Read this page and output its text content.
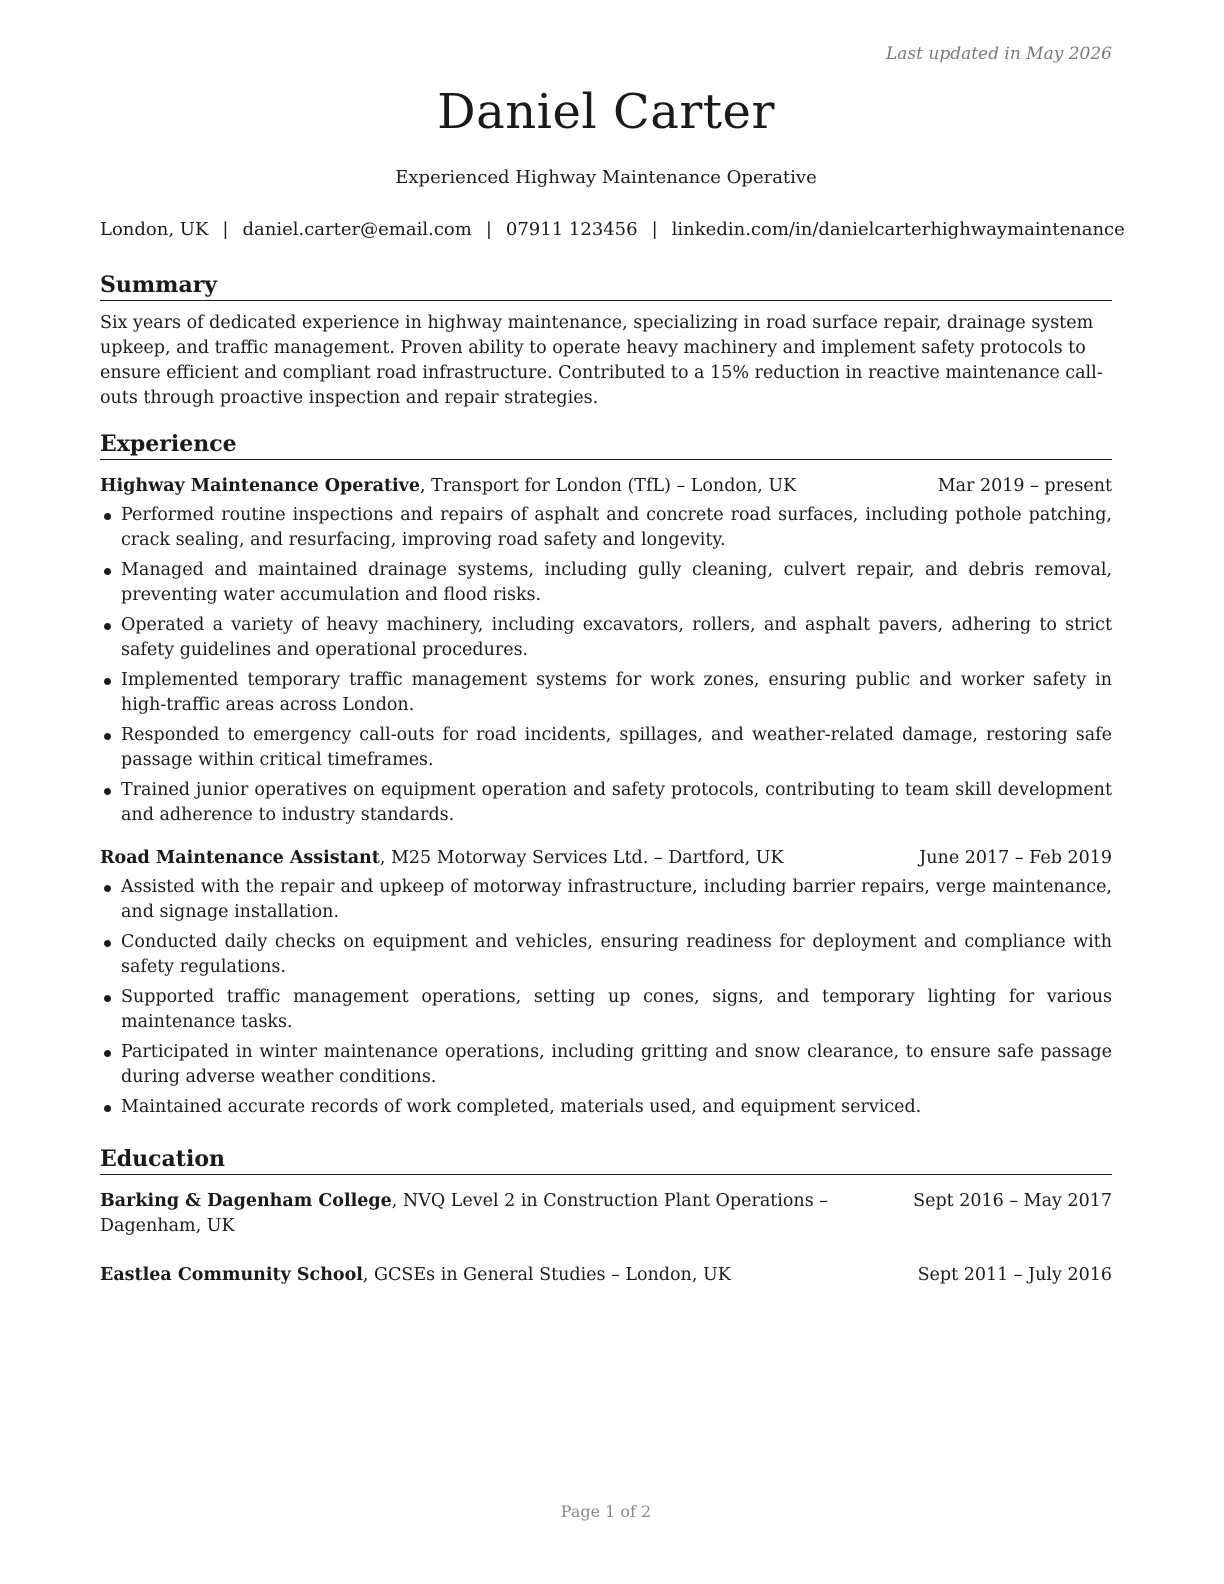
Last updated in May 2026
Daniel Carter
Experienced Highway Maintenance Operative
London, UK | daniel.carter@email.com | 07911 123456 | linkedin.com/in/danielcarterhighwaymaintenance
Summary

Six years of dedicated experience in highway maintenance, specializing in road surface repair, drainage system upkeep, and traffic management. Proven ability to operate heavy machinery and implement safety protocols to ensure efficient and compliant road infrastructure. Contributed to a 15% reduction in reactive maintenance call-outs through proactive inspection and repair strategies.

Experience
Highway Maintenance Operative, Transport for London (TfL) – London, UK	Mar 2019 – present
Performed routine inspections and repairs of asphalt and concrete road surfaces, including pothole patching, crack sealing, and resurfacing, improving road safety and longevity.
Managed and maintained drainage systems, including gully cleaning, culvert repair, and debris removal, preventing water accumulation and flood risks.
Operated a variety of heavy machinery, including excavators, rollers, and asphalt pavers, adhering to strict safety guidelines and operational procedures.
Implemented temporary traffic management systems for work zones, ensuring public and worker safety in high-traffic areas across London.
Responded to emergency call-outs for road incidents, spillages, and weather-related damage, restoring safe passage within critical timeframes.
Trained junior operatives on equipment operation and safety protocols, contributing to team skill development and adherence to industry standards.
Road Maintenance Assistant, M25 Motorway Services Ltd. – Dartford, UK	June 2017 – Feb 2019
Assisted with the repair and upkeep of motorway infrastructure, including barrier repairs, verge maintenance, and signage installation.
Conducted daily checks on equipment and vehicles, ensuring readiness for deployment and compliance with safety regulations.
Supported traffic management operations, setting up cones, signs, and temporary lighting for various maintenance tasks.
Participated in winter maintenance operations, including gritting and snow clearance, to ensure safe passage during adverse weather conditions.
Maintained accurate records of work completed, materials used, and equipment serviced.
Education
Barking & Dagenham College, NVQ Level 2 in Construction Plant Operations – Dagenham, UK
Sept 2016 – May 2017
Eastlea Community School, GCSEs in General Studies – London, UK	Sept 2011 – July 2016
Page 1 of 2
